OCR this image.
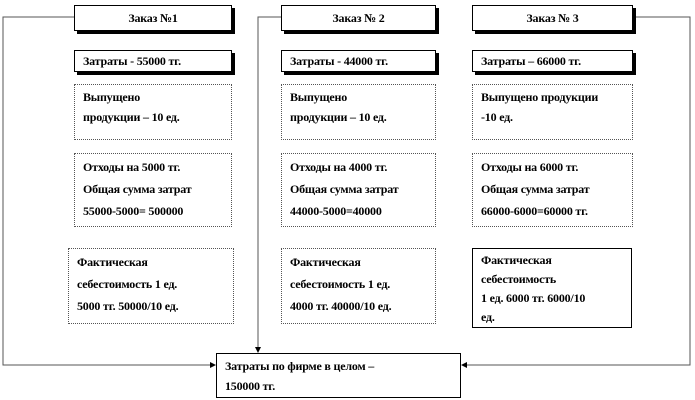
Заказ №1
Затраты - 55000 тг.
Выпущено
продукции – 10 ед.
Отходы на 5000 тг.
Общая сумма затрат
55000-5000= 500000
Фактическая
себестоимость 1 ед.
5000 тг. 50000/10 ед.
Заказ № 2
Затраты - 44000 тг.
Выпущено
продукции – 10 ед.
Отходы на 4000 тг.
Общая сумма затрат
44000-5000=40000
Фактическая
себестоимость 1 ед.
4000 тг. 40000/10 ед.
Заказ № 3
Затраты – 66000 тг.
Выпущено продукции
-10 ед.
Отходы на 6000 тг.
Общая сумма затрат
66000-6000=60000 тг.
Фактическая
себестоимость
1 ед. 6000 тг. 6000/10
ед.
Затраты по фирме в целом –
150000 тг.
